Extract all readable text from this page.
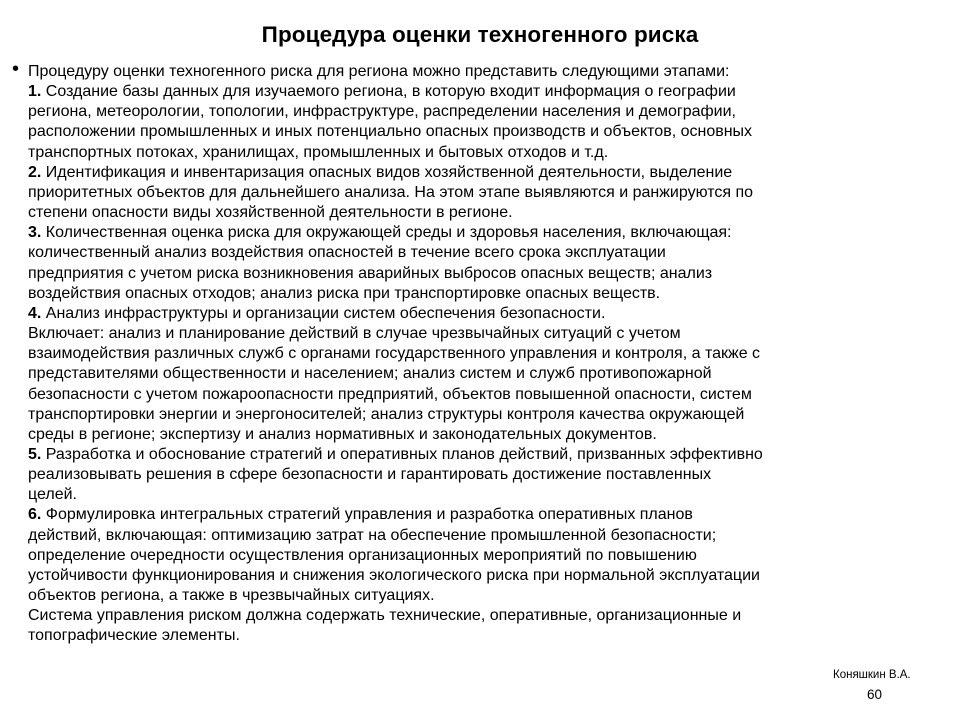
Процедура оценки техногенного риска
• Процедуру оценки техногенного риска для региона можно представить следующими этапами:

1. Создание базы данных для изучаемого региона, в которую входит информация о географии

региона, метеорологии, топологии, инфраструктуре, распределении населения и демографии,

расположении промышленных и иных потенциально опасных производств и объектов, основных

транспортных потоках, хранилищах, промышленных и бытовых отходов и т.д.

2. Идентификация и инвентаризация опасных видов хозяйственной деятельности, выделение

приоритетных объектов для дальнейшего анализа. На этом этапе выявляются и ранжируются по

степени опасности виды хозяйственной деятельности в регионе.

3. Количественная оценка риска для окружающей среды и здоровья населения, включающая:

количественный анализ воздействия опасностей в течение всего срока эксплуатации

предприятия с учетом риска возникновения аварийных выбросов опасных веществ; анализ

воздействия опасных отходов; анализ риска при транспортировке опасных веществ.

4. Анализ инфраструктуры и организации систем обеспечения безопасности.

Включает: анализ и планирование действий в случае чрезвычайных ситуаций с учетом

взаимодействия различных служб с органами государственного управления и контроля, а также с

представителями общественности и населением; анализ систем и служб противопожарной

безопасности с учетом пожароопасности предприятий, объектов повышенной опасности, систем

транспортировки энергии и энергоносителей; анализ структуры контроля качества окружающей

среды в регионе; экспертизу и анализ нормативных и законодательных документов.

5. Разработка и обоснование стратегий и оперативных планов действий, призванных эффективно

реализовывать решения в сфере безопасности и гарантировать достижение поставленных

целей.

6. Формулировка интегральных стратегий управления и разработка оперативных планов

действий, включающая: оптимизацию затрат на обеспечение промышленной безопасности;

определение очередности осуществления организационных мероприятий по повышению

устойчивости функционирования и снижения экологического риска при нормальной эксплуатации

объектов региона, а также в чрезвычайных ситуациях.

Система управления риском должна содержать технические, оперативные, организационные и

топографические элементы.

Коняшкин В.А.
60
